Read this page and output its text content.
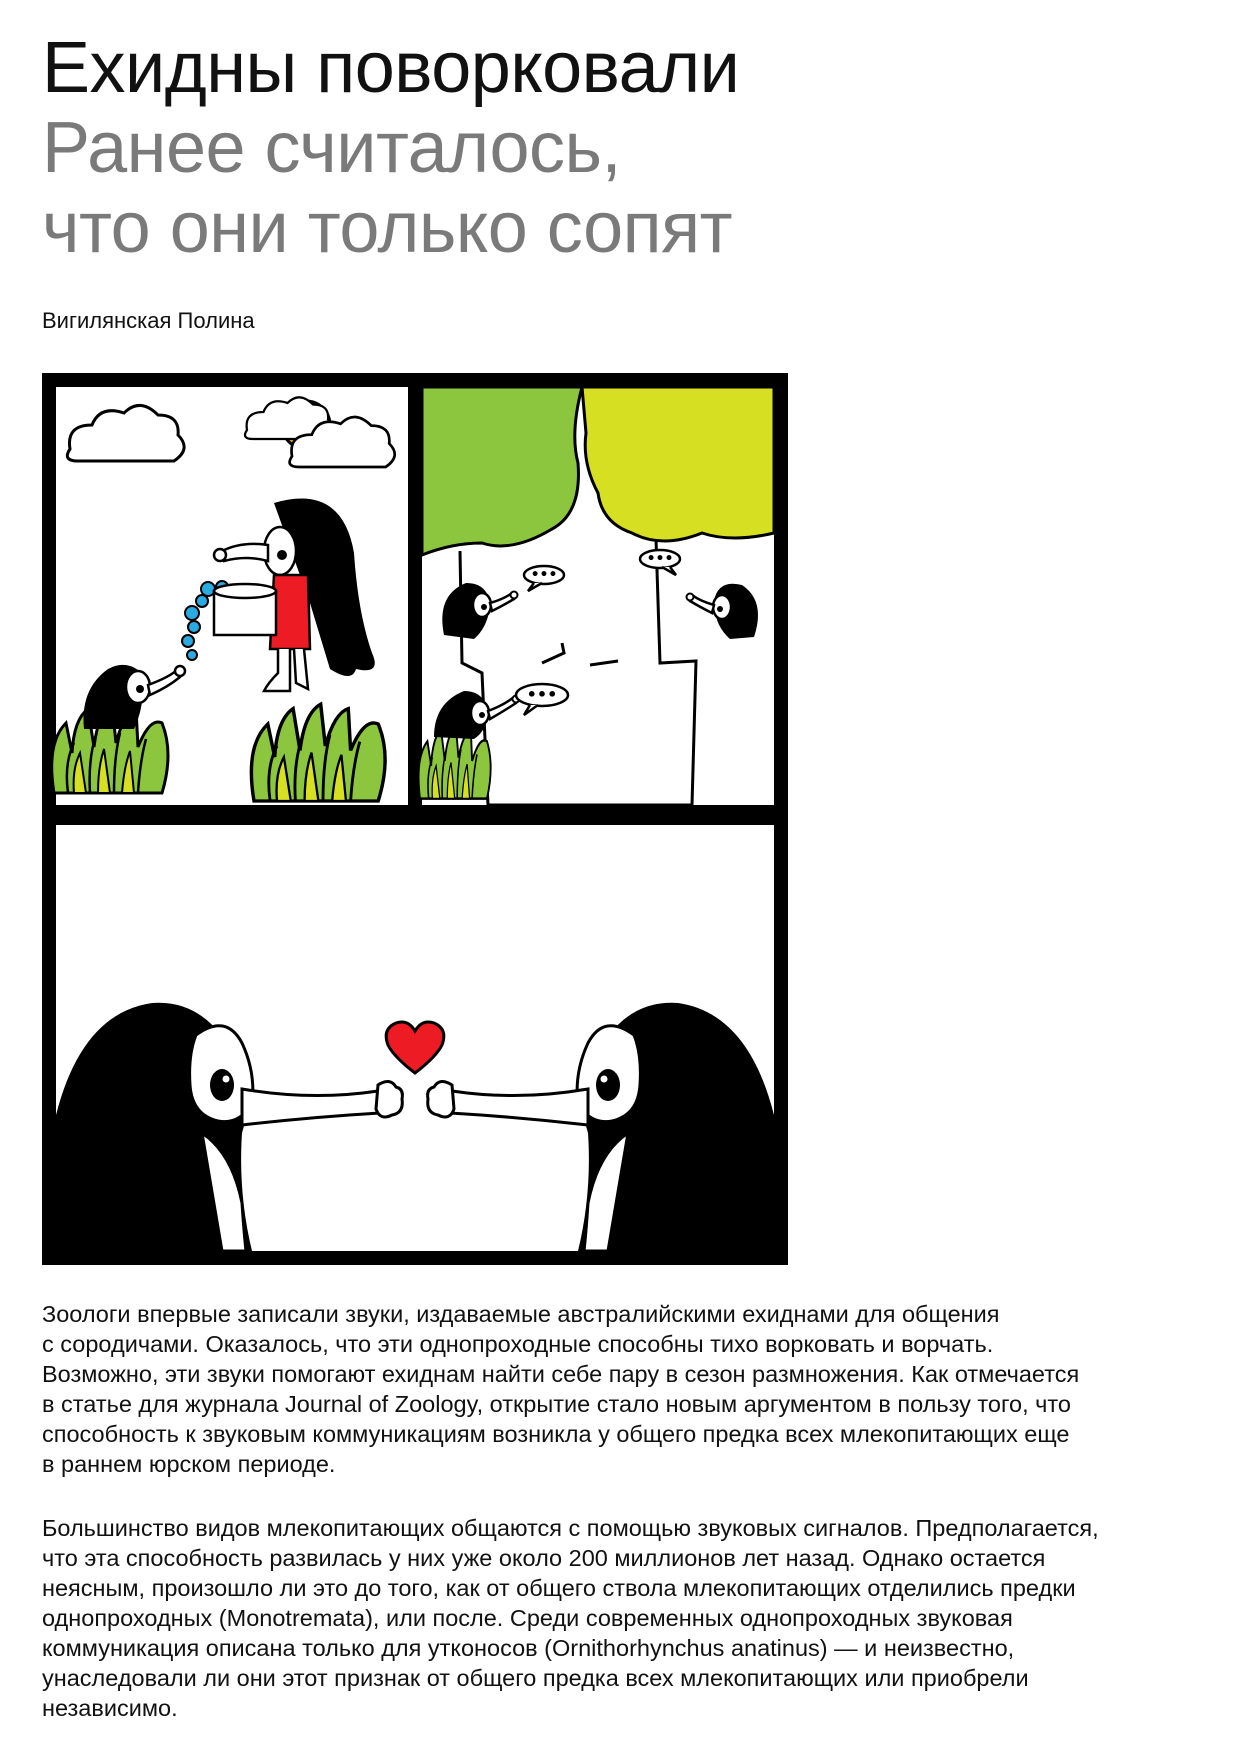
Ехидны поворковали
Ранее считалось,
что они только сопят
Вигилянская Полина
•••
•••
•••

Зоологи впервые записали звуки, издаваемые австралийскими ехиднами для общения
с сородичами. Оказалось, что эти однопроходные способны тихо ворковать и ворчать.
Возможно, эти звуки помогают ехиднам найти себе пару в сезон размножения. Как отмечается
в статье для журнала Journal of Zoology, открытие стало новым аргументом в пользу того, что
способность к звуковым коммуникациям возникла у общего предка всех млекопитающих еще
в раннем юрском периоде.

Большинство видов млекопитающих общаются с помощью звуковых сигналов. Предполагается,
что эта способность развилась у них уже около 200 миллионов лет назад. Однако остается
неясным, произошло ли это до того, как от общего ствола млекопитающих отделились предки
однопроходных (Monotremata), или после. Среди современных однопроходных звуковая
коммуникация описана только для утконосов (Ornithorhynchus anatinus) — и неизвестно,
унаследовали ли они этот признак от общего предка всех млекопитающих или приобрели
независимо.
